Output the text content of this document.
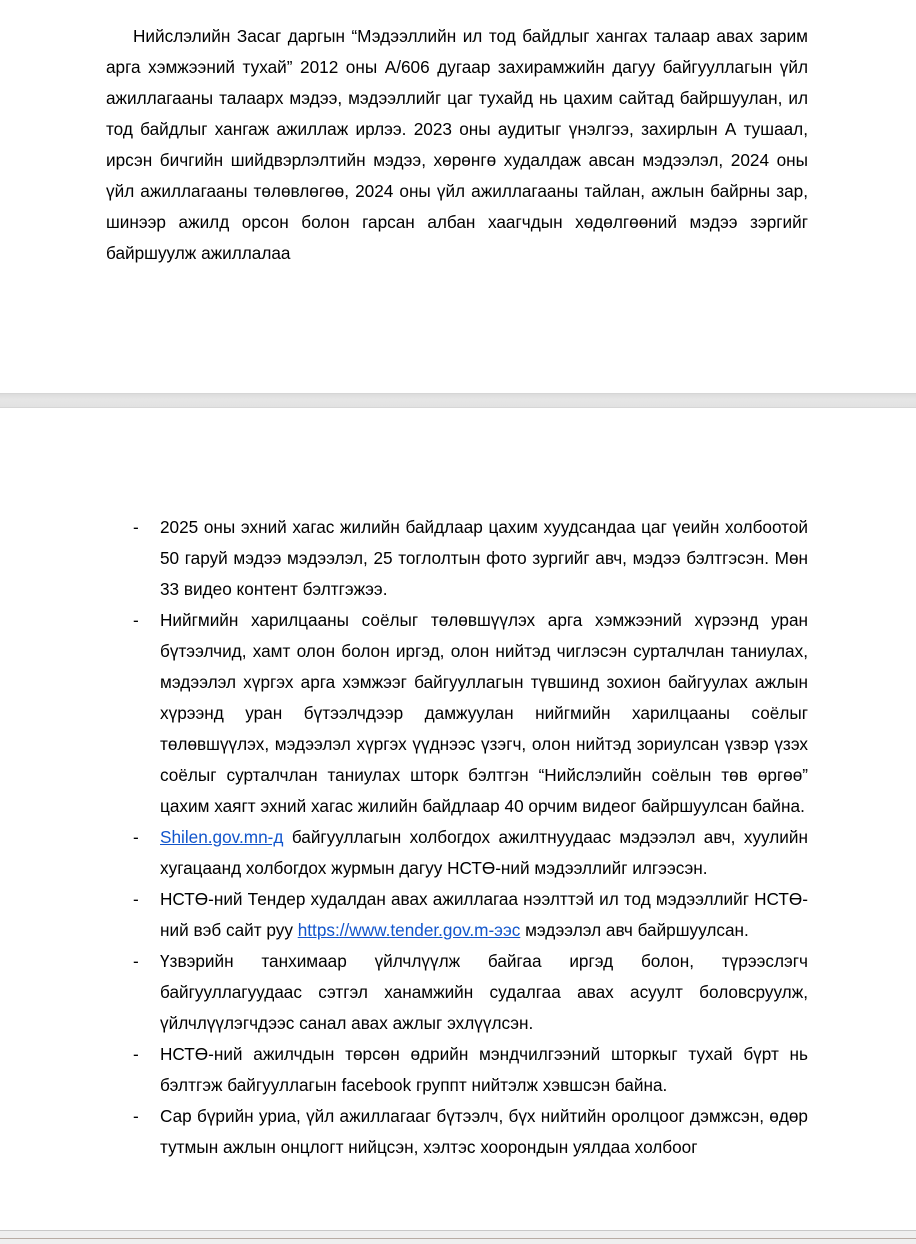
Нийслэлийн Засаг даргын “Мэдээллийн ил тод байдлыг хангах талаар авах зарим арга хэмжээний тухай” 2012 оны А/606 дугаар захирамжийн дагуу байгууллагын үйл ажиллагааны талаарх мэдээ, мэдээллийг цаг тухайд нь цахим сайтад байршуулан, ил тод байдлыг хангаж ажиллаж ирлээ. 2023 оны аудитыг үнэлгээ, захирлын А тушаал, ирсэн бичгийн шийдвэрлэлтийн мэдээ, хөрөнгө худалдаж авсан мэдээлэл, 2024 оны үйл ажиллагааны төлөвлөгөө, 2024 оны үйл ажиллагааны тайлан, ажлын байрны зар, шинээр ажилд орсон болон гарсан албан хаагчдын хөдөлгөөний мэдээ зэргийг байршуулж ажиллалаа

- 2025 оны эхний хагас жилийн байдлаар цахим хуудсандаа цаг үеийн холбоотой 50 гаруй мэдээ мэдээлэл, 25 тоглолтын фото зургийг авч, мэдээ бэлтгэсэн. Мөн 33 видео контент бэлтгэжээ.
- Нийгмийн харилцааны соёлыг төлөвшүүлэх арга хэмжээний хүрээнд уран бүтээлчид, хамт олон болон иргэд, олон нийтэд чиглэсэн сурталчлан таниулах, мэдээлэл хүргэх арга хэмжээг байгууллагын түвшинд зохион байгуулах ажлын хүрээнд уран бүтээлчдээр дамжуулан нийгмийн харилцааны соёлыг төлөвшүүлэх, мэдээлэл хүргэх үүднээс үзэгч, олон нийтэд зориулсан үзвэр үзэх соёлыг сурталчлан таниулах шторк бэлтгэн “Нийслэлийн соёлын төв өргөө” цахим хаягт эхний хагас жилийн байдлаар 40 орчим видеог байршуулсан байна.
- Shilen.gov.mn-д байгууллагын холбогдох ажилтнуудаас мэдээлэл авч, хуулийн хугацаанд холбогдох журмын дагуу НСТӨ-ний мэдээллийг илгээсэн.
- НСТӨ-ний Тендер худалдан авах ажиллагаа нээлттэй ил тод мэдээллийг НСТӨ-ний вэб сайт руу https://www.tender.gov.m-ээс мэдээлэл авч байршуулсан.
- Үзвэрийн танхимаар үйлчлүүлж байгаа иргэд болон, түрээслэгч байгууллагуудаас сэтгэл ханамжийн судалгаа авах асуулт боловсруулж, үйлчлүүлэгчдээс санал авах ажлыг эхлүүлсэн.
- НСТӨ-ний ажилчдын төрсөн өдрийн мэндчилгээний шторкыг тухай бүрт нь бэлтгэж байгууллагын facebook группт нийтэлж хэвшсэн байна.
- Сар бүрийн уриа, үйл ажиллагааг бүтээлч, бүх нийтийн оролцоог дэмжсэн, өдөр тутмын ажлын онцлогт нийцсэн, хэлтэс хоорондын уялдаа холбоог
